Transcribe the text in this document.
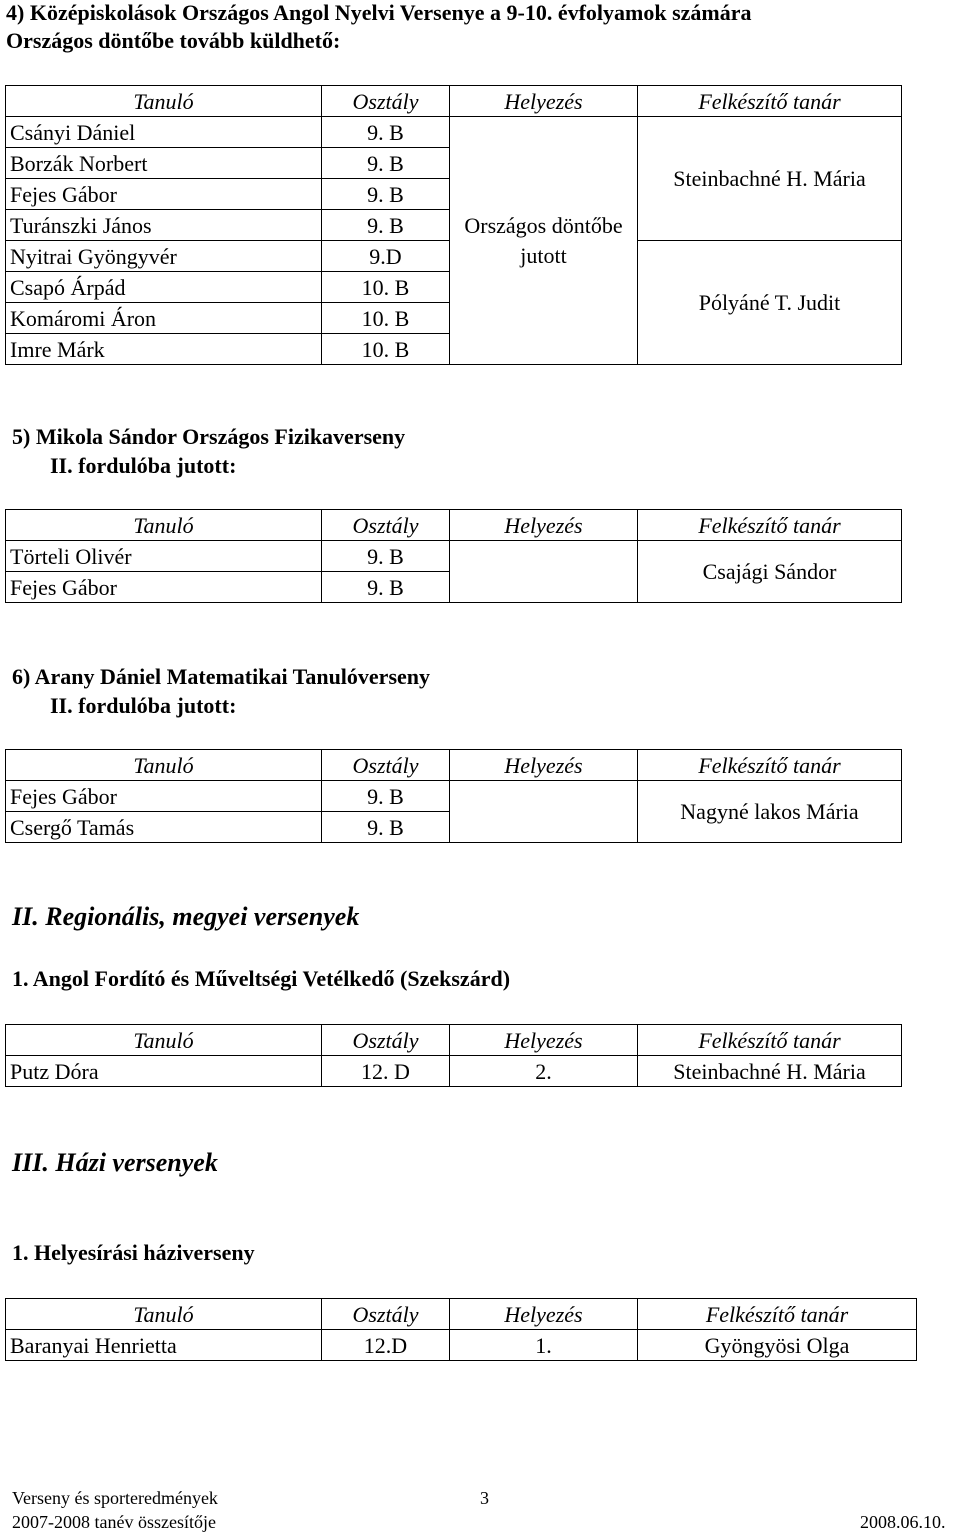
4) Középiskolások Országos Angol Nyelvi Versenye a 9-10. évfolyamok számára
Országos döntőbe tovább küldhető:
Tanuló	Osztály	Helyezés	Felkészítő tanár
Csányi Dániel	9. B	Országos döntőbe jutott	Steinbachné H. Mária
Borzák Norbert	9. B		
Fejes Gábor	9. B		
Turánszki János	9. B		
Nyitrai Gyöngyvér	9.D		Pólyáné T. Judit
Csapó Árpád	10. B		
Komáromi Áron	10. B		
Imre Márk	10. B		
5) Mikola Sándor Országos Fizikaverseny
II. fordulóba jutott:
Tanuló	Osztály	Helyezés	Felkészítő tanár
Törteli Olivér	9. B		Csajági Sándor
Fejes Gábor	9. B		
6) Arany Dániel Matematikai Tanulóverseny
II. fordulóba jutott:
Tanuló	Osztály	Helyezés	Felkészítő tanár
Fejes Gábor	9. B		Nagyné lakos Mária
Csergő Tamás	9. B		
II. Regionális, megyei versenyek
1. Angol Fordító és Műveltségi Vetélkedő (Szekszárd)
Tanuló	Osztály	Helyezés	Felkészítő tanár
Putz Dóra	12. D	2.	Steinbachné H. Mária
III. Házi versenyek
1. Helyesírási háziverseny
Tanuló	Osztály	Helyezés	Felkészítő tanár
Baranyai Henrietta	12.D	1.	Gyöngyösi Olga
Verseny és sporteredmények	3
2007-2008 tanév összesítője	2008.06.10.
